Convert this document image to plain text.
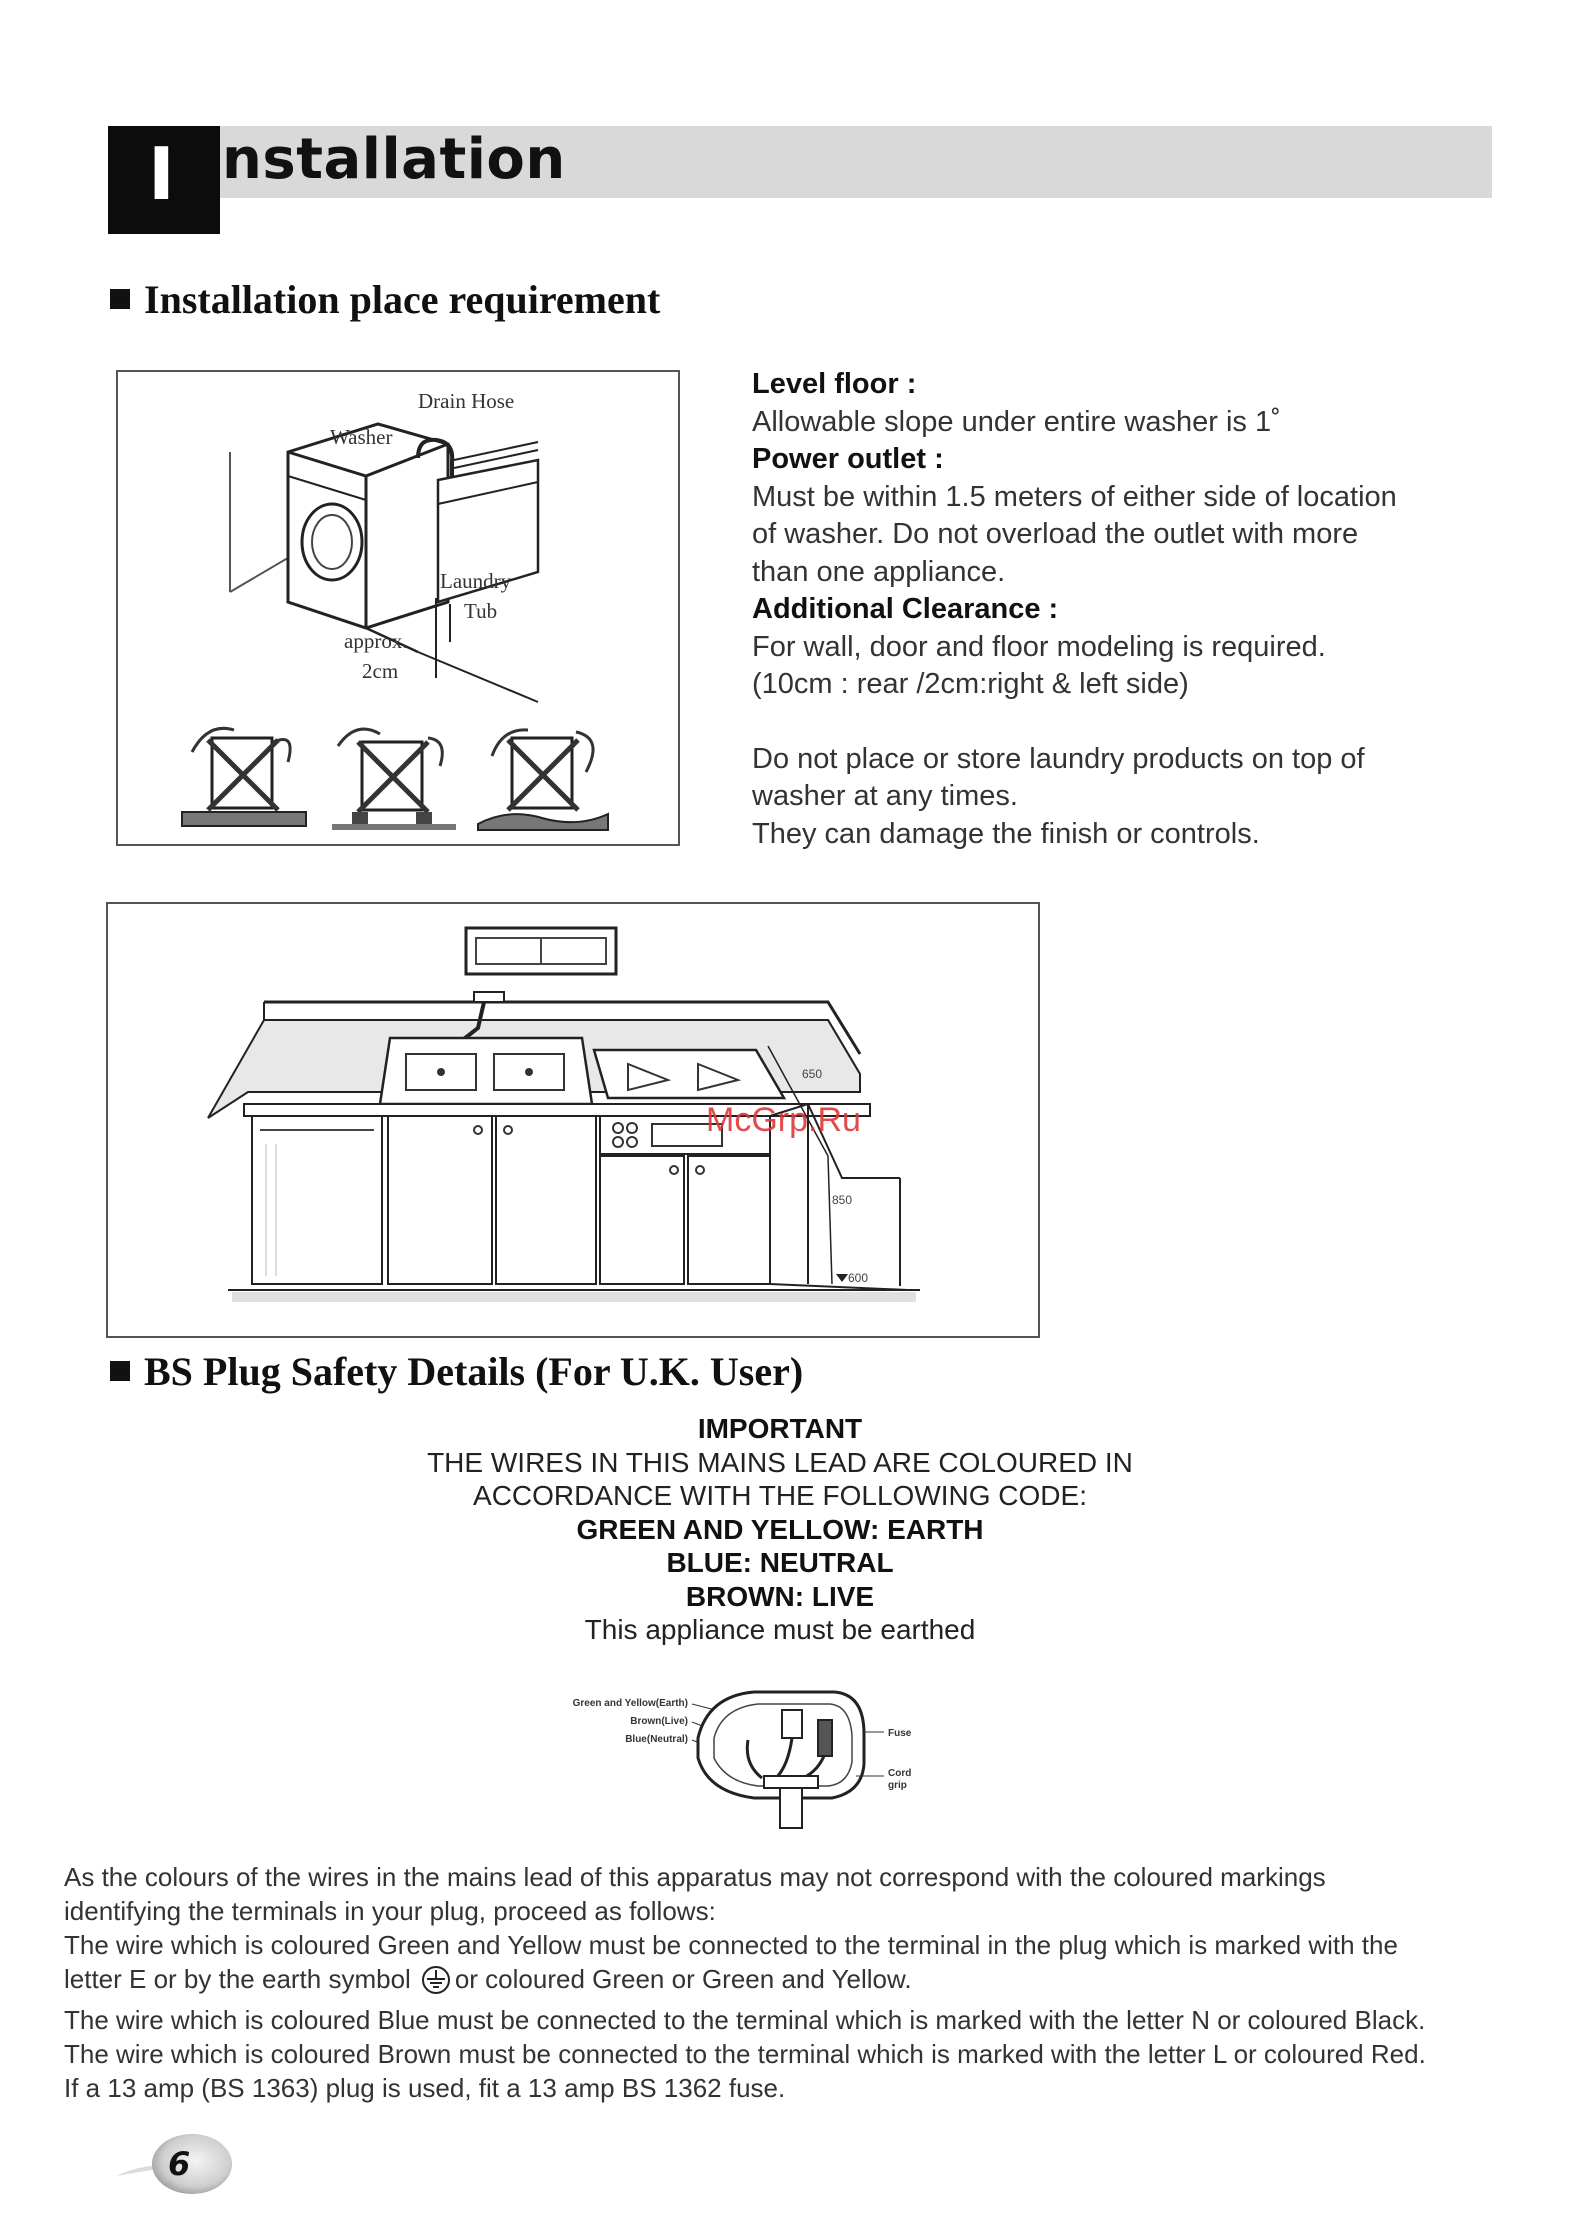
I nstallation
Installation place requirement
Drain Hose
Washer
Laundry
Tub
approx.
2cm

Level floor :

Allowable slope under entire washer is 1˚

Power outlet :

Must be within 1.5 meters of either side of location

of washer. Do not overload the outlet with more

than one appliance.

Additional Clearance :

For wall, door and floor modeling is required.

(10cm : rear /2cm:right & left side)

Do not place or store laundry products on top of

washer at any times.

They can damage the finish or controls.

650
850
600
McGrp.Ru
BS Plug Safety Details (For U.K. User)

IMPORTANT

THE WIRES IN THIS MAINS LEAD ARE COLOURED IN

ACCORDANCE WITH THE FOLLOWING CODE:

GREEN AND YELLOW: EARTH

BLUE: NEUTRAL

BROWN: LIVE

This appliance must be earthed

Green and Yellow(Earth)
Brown(Live)
Blue(Neutral)
Fuse
Cord
grip

As the colours of the wires in the mains lead of this apparatus may not correspond with the coloured markings

identifying the terminals in your plug, proceed as follows:

The wire which is coloured Green and Yellow must be connected to the terminal in the plug which is marked with the

letter E or by the earth symbol or coloured Green or Green and Yellow.

The wire which is coloured Blue must be connected to the terminal which is marked with the letter N or coloured Black.

The wire which is coloured Brown must be connected to the terminal which is marked with the letter L or coloured Red.

If a 13 amp (BS 1363) plug is used, fit a 13 amp BS 1362 fuse.

6
